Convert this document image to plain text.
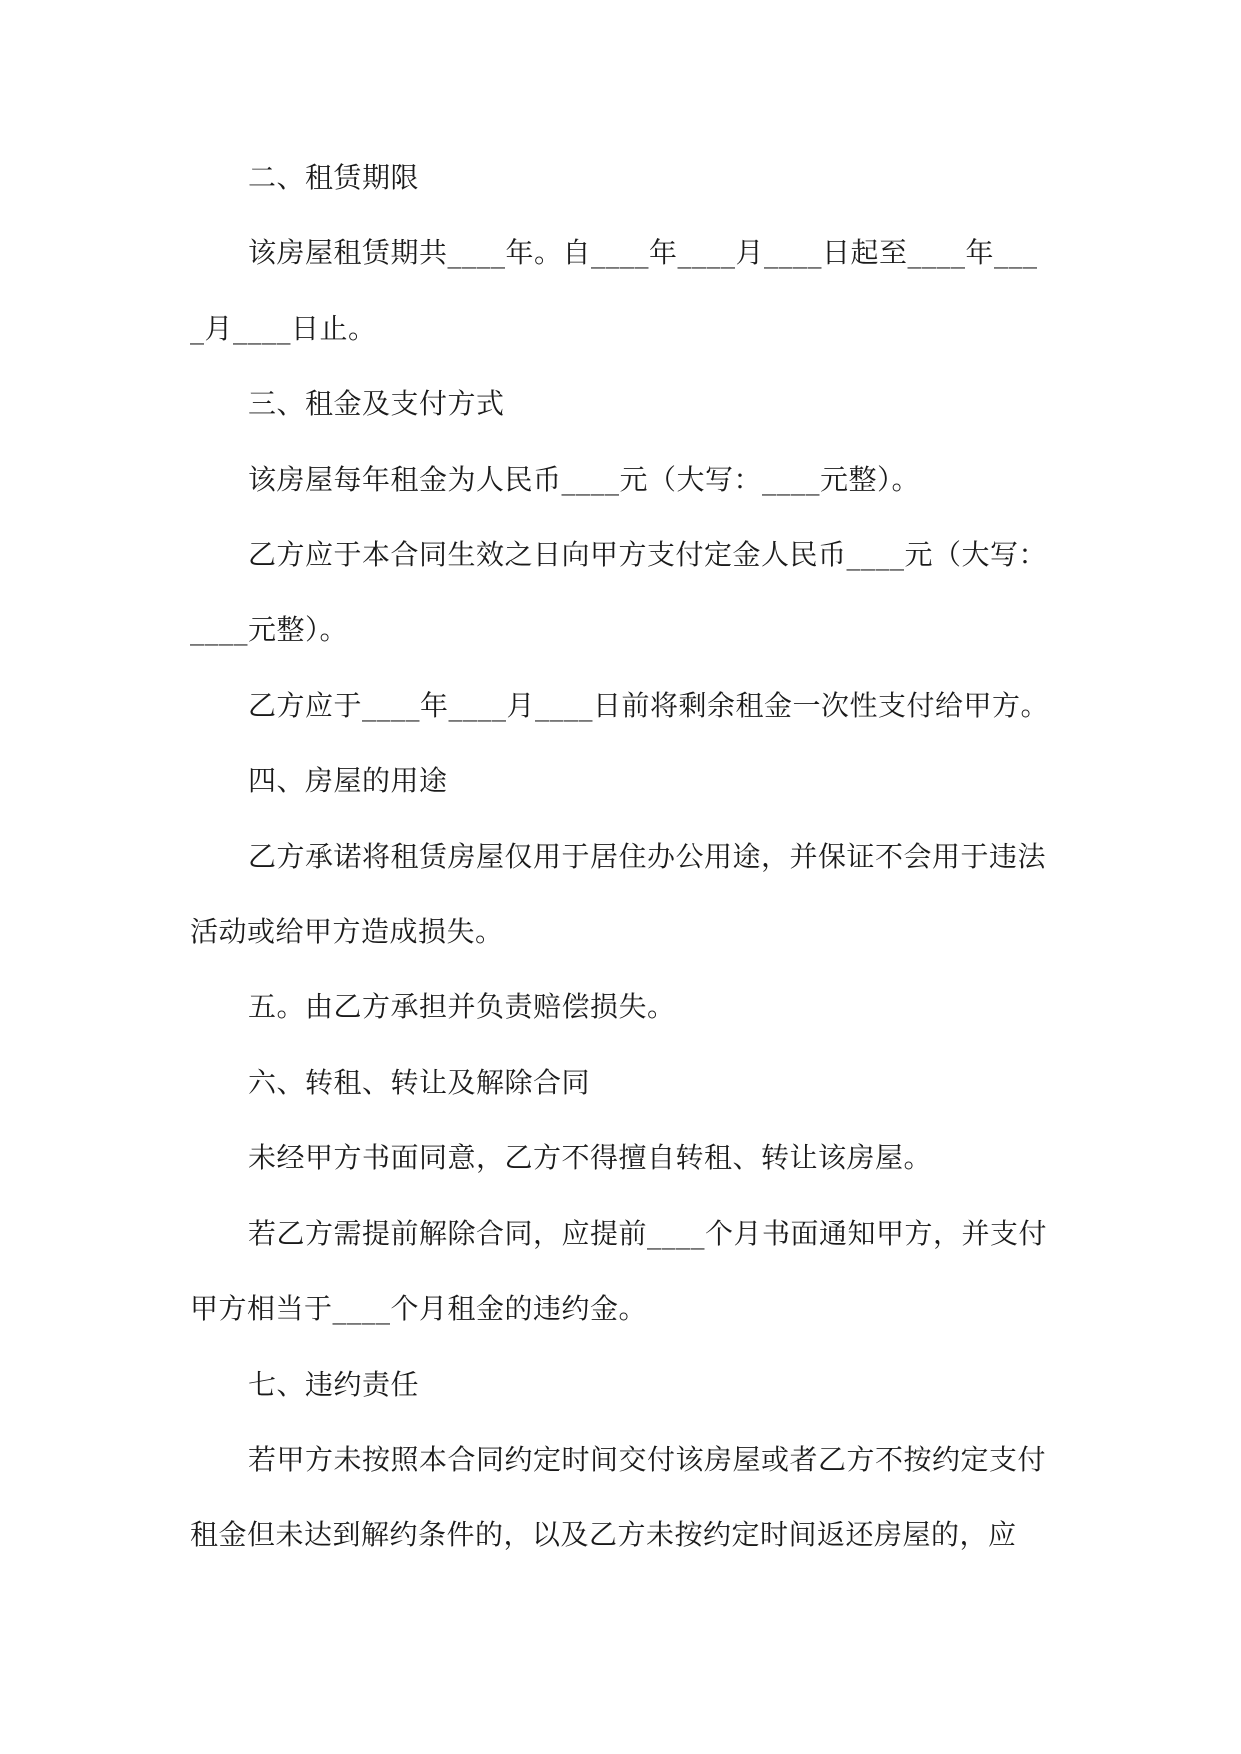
二、租赁期限

该房屋租赁期共____年。自____年____月____日起至____年____月____日止。

三、租金及支付方式

该房屋每年租金为人民币____元（大写：____元整）。

乙方应于本合同生效之日向甲方支付定金人民币____元（大写：____元整）。

乙方应于____年____月____日前将剩余租金一次性支付给甲方。

四、房屋的用途

乙方承诺将租赁房屋仅用于居住办公用途，并保证不会用于违法活动或给甲方造成损失。

五。由乙方承担并负责赔偿损失。

六、转租、转让及解除合同

未经甲方书面同意，乙方不得擅自转租、转让该房屋。

若乙方需提前解除合同，应提前____个月书面通知甲方，并支付甲方相当于____个月租金的违约金。

七、违约责任

若甲方未按照本合同约定时间交付该房屋或者乙方不按约定支付租金但未达到解约条件的，以及乙方未按约定时间返还房屋的，应
